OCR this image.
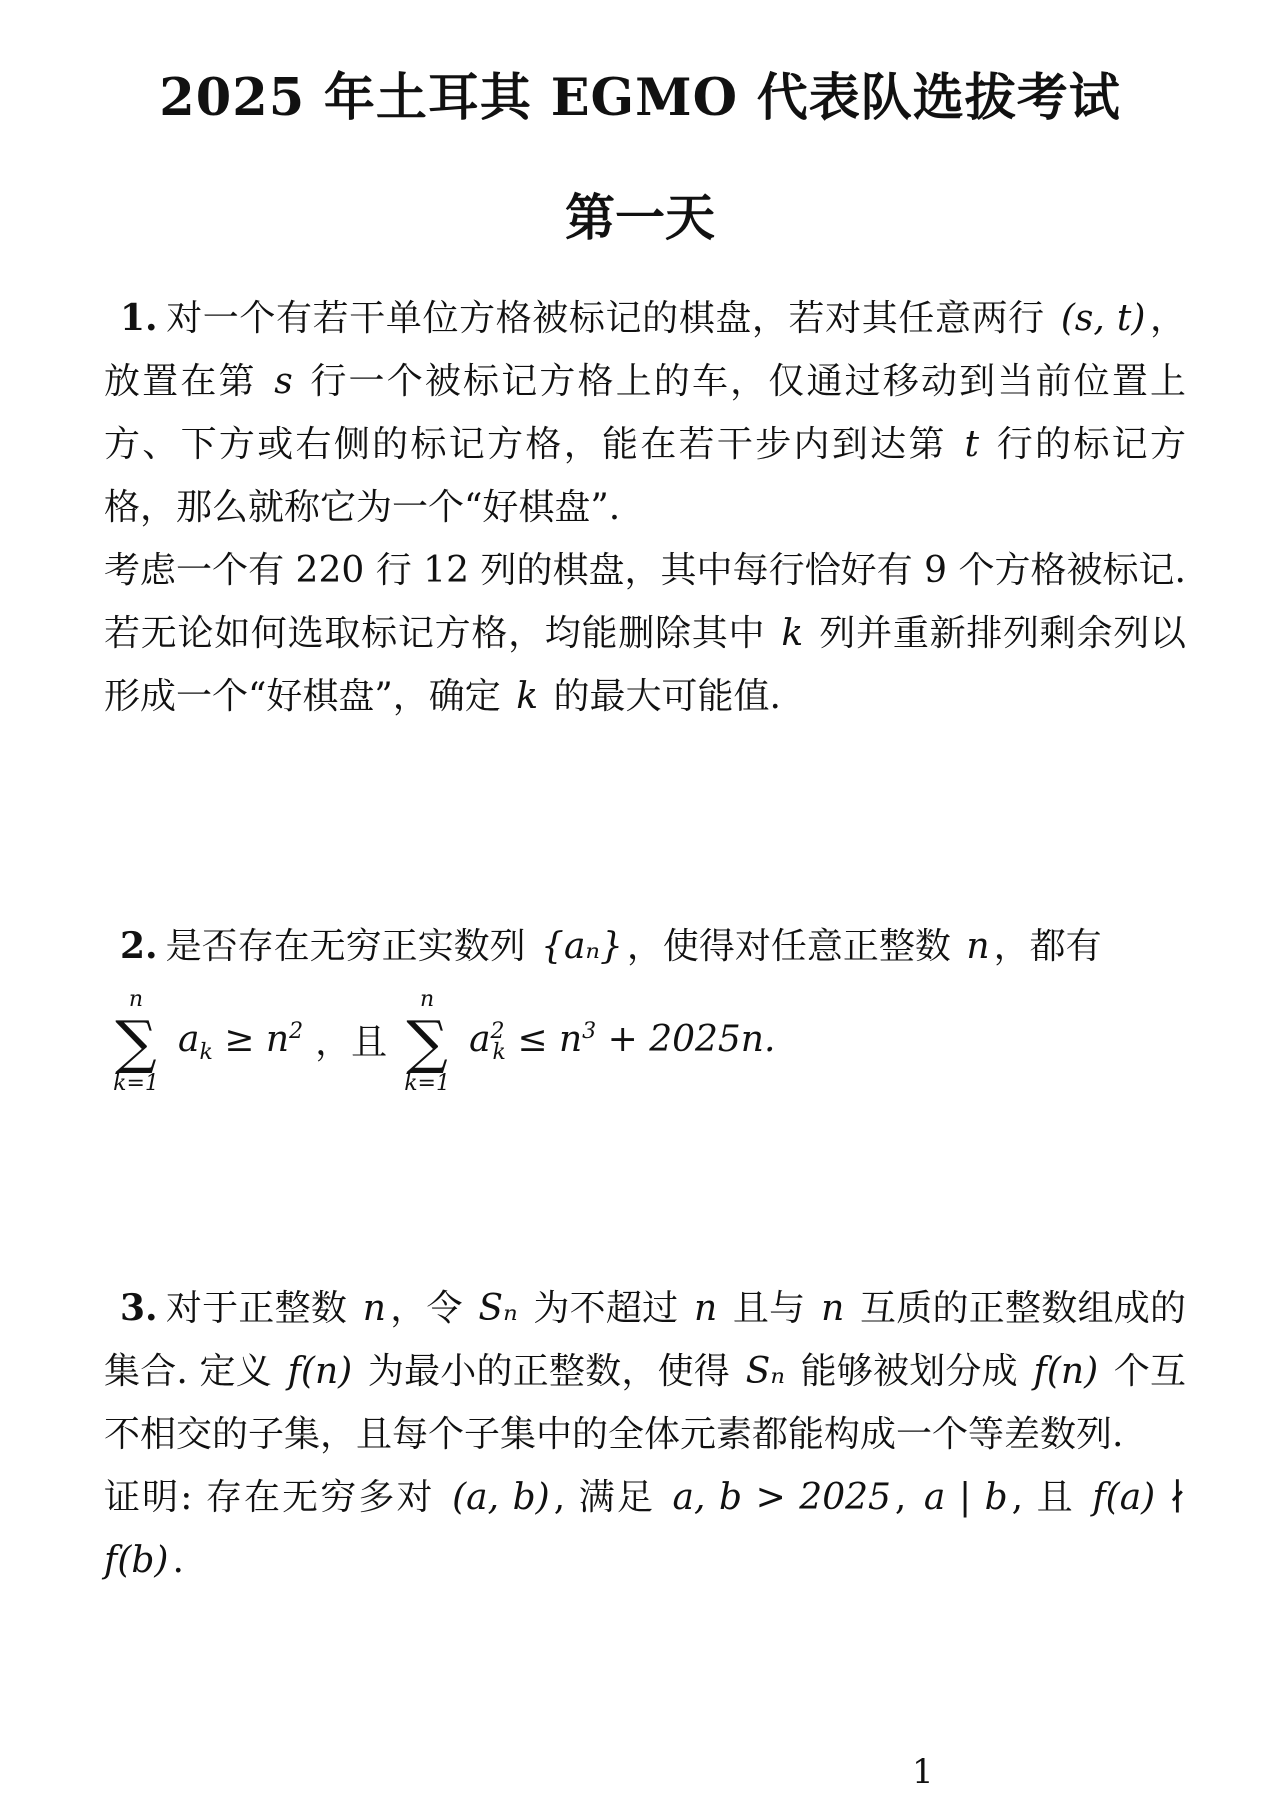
2025 年土耳其 EGMO 代表队选拔考试
第一天
1. 对一个有若干单位方格被标记的棋盘，若对其任意两行 (s, t) ，放置在第 s 行一个被标记方格上的车，仅通过移动到当前位置上方、下方或右侧的标记方格，能在若干步内到达第 t 行的标记方格，那么就称它为一个“好棋盘”.
考虑一个有 220 行 12 列的棋盘，其中每行恰好有 9 个方格被标记. 若无论如何选取标记方格，均能删除其中 k 列并重新排列剩余列以形成一个“好棋盘”，确定 k 的最大可能值.
2. 是否存在无穷正实数列 {aₙ} ，使得对任意正整数 n ，都有
n
∑
k=1
$a_k \ge n^2$ ，且
n
∑
k=1
$a^2_k \le n^3 + 2025n$.
3. 对于正整数 n ，令 Sₙ 为不超过 n 且与 n 互质的正整数组成的集合. 定义 f(n) 为最小的正整数，使得 Sₙ 能够被划分成 f(n) 个互不相交的子集，且每个子集中的全体元素都能构成一个等差数列.
证明: 存在无穷多对 (a, b) , 满足 a, b > 2025 , a | b , 且 f(a) ∤ f(b) .
1
